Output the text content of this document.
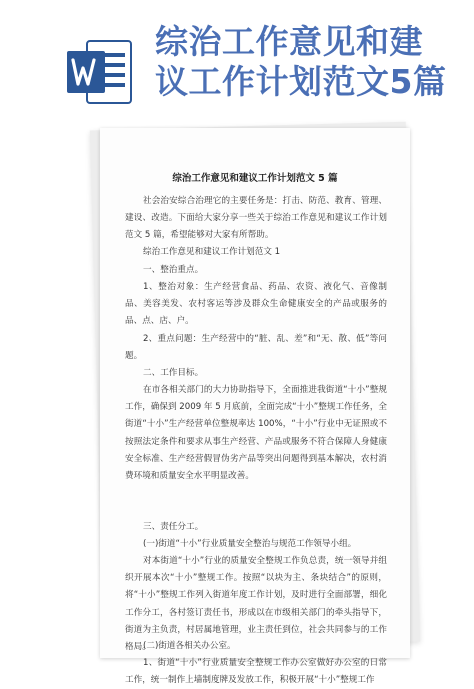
综治工作意见和建
议工作计划范文5篇
综治工作意见和建议工作计划范文 5 篇
社会治安综合治理它的主要任务是：打击、防范、教育、管理、建设、改造。下面给大家分享一些关于综治工作意见和建议工作计划范文 5 篇，希望能够对大家有所帮助。
综治工作意见和建议工作计划范文 1
一、整治重点。
1、整治对象：生产经营食品、药品、农资、液化气、音像制品、美容美发、农村客运等涉及群众生命健康安全的产品或服务的品、点、店、户。
2、重点问题：生产经营中的“脏、乱、差”和“无、散、低”等问题。
二、工作目标。
在市各相关部门的大力协助指导下，全面推进我街道“十小”整规工作，确保到 2009 年 5 月底前，全面完成“十小”整规工作任务，全街道“十小”生产经营单位整规率达 100%，“十小”行业中无证照或不按照法定条件和要求从事生产经营、产品或服务不符合保障人身健康安全标准、生产经营假冒伪劣产品等突出问题得到基本解决，农村消费环境和质量安全水平明显改善。
三、责任分工。
(一)街道“十小”行业质量安全整治与规范工作领导小组。
对本街道“十小”行业的质量安全整规工作负总责，统一领导并组织开展本次“十小”整规工作。按照“以块为主、条块结合”的原则，将“十小”整规工作列入街道年度工作计划，及时进行全面部署，细化工作分工，各村签订责任书，形成以在市级相关部门的牵头指导下，街道为主负责，村居属地管理，业主责任到位，社会共同参与的工作格局。
(二)街道各相关办公室。
1、街道“十小”行业质量安全整规工作办公室做好办公室的日常工作，统一制作上墙制度牌及发放工作，积极开展“十小”整规工作
